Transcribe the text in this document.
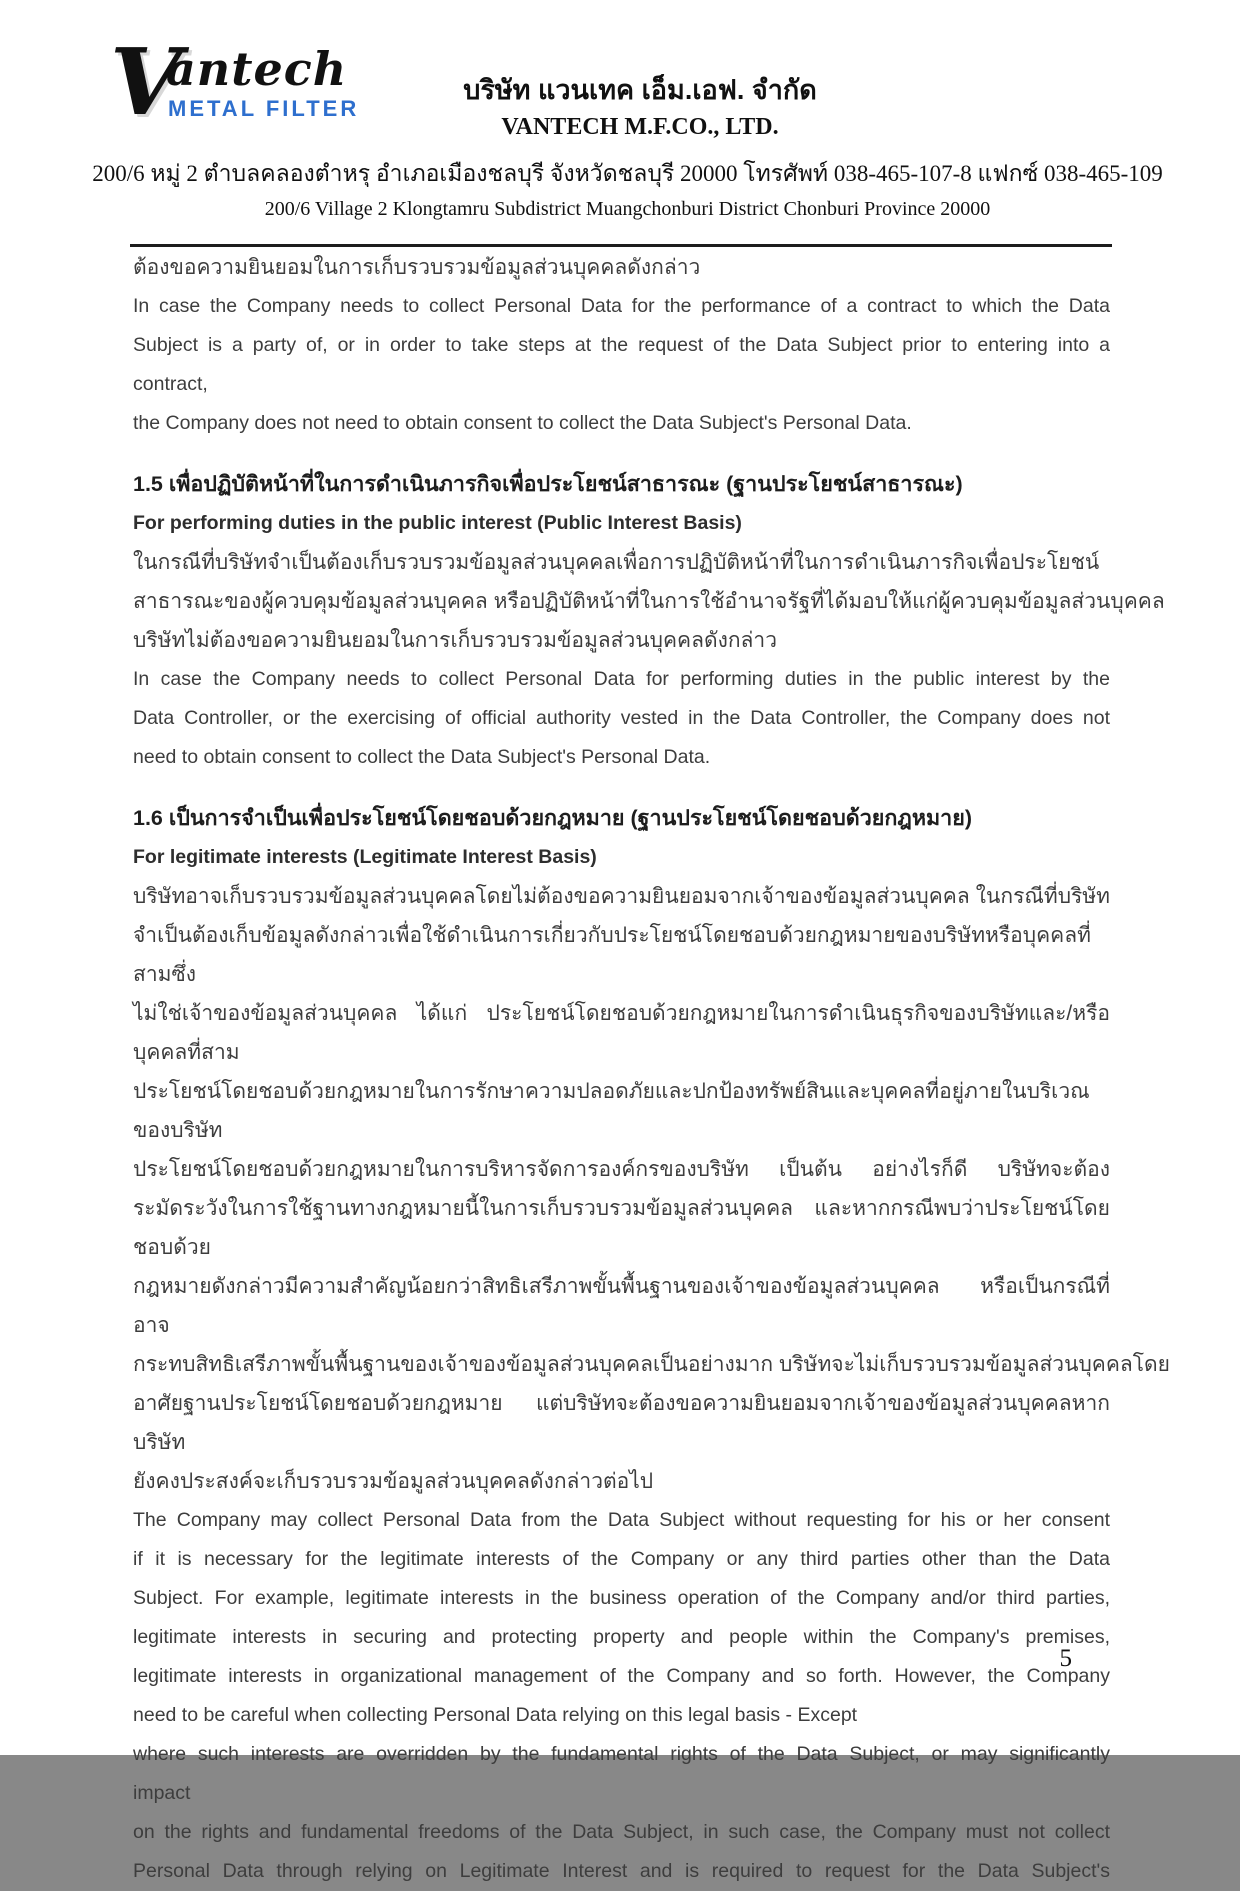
V
antech
METAL FILTER
บริษัท แวนเทค เอ็ม.เอฟ. จำกัด
VANTECH M.F.CO., LTD.
200/6 หมู่ 2 ตำบลคลองตำหรุ อำเภอเมืองชลบุรี จังหวัดชลบุรี 20000 โทรศัพท์ 038-465-107-8 แฟกซ์ 038-465-109
200/6 Village 2 Klongtamru Subdistrict Muangchonburi District Chonburi Province 20000
ต้องขอความยินยอมในการเก็บรวบรวมข้อมูลส่วนบุคคลดังกล่าว
In case the Company needs to collect Personal Data for the performance of a contract to which the Data
Subject is a party of, or in order to take steps at the request of the Data Subject prior to entering into a
contract,
the Company does not need to obtain consent to collect the Data Subject's Personal Data.
1.5 เพื่อปฏิบัติหน้าที่ในการดำเนินภารกิจเพื่อประโยชน์สาธารณะ (ฐานประโยชน์สาธารณะ)
For performing duties in the public interest (Public Interest Basis)
ในกรณีที่บริษัทจำเป็นต้องเก็บรวบรวมข้อมูลส่วนบุคคลเพื่อการปฏิบัติหน้าที่ในการดำเนินภารกิจเพื่อประโยชน์
สาธารณะของผู้ควบคุมข้อมูลส่วนบุคคล หรือปฏิบัติหน้าที่ในการใช้อำนาจรัฐที่ได้มอบให้แก่ผู้ควบคุมข้อมูลส่วนบุคคล
บริษัทไม่ต้องขอความยินยอมในการเก็บรวบรวมข้อมูลส่วนบุคคลดังกล่าว
In case the Company needs to collect Personal Data for performing duties in the public interest by the
Data Controller, or the exercising of official authority vested in the Data Controller, the Company does not
need to obtain consent to collect the Data Subject's Personal Data.
1.6 เป็นการจำเป็นเพื่อประโยชน์โดยชอบด้วยกฎหมาย (ฐานประโยชน์โดยชอบด้วยกฎหมาย)
For legitimate interests (Legitimate Interest Basis)
บริษัทอาจเก็บรวบรวมข้อมูลส่วนบุคคลโดยไม่ต้องขอความยินยอมจากเจ้าของข้อมูลส่วนบุคคล ในกรณีที่บริษัท
จำเป็นต้องเก็บข้อมูลดังกล่าวเพื่อใช้ดำเนินการเกี่ยวกับประโยชน์โดยชอบด้วยกฎหมายของบริษัทหรือบุคคลที่สามซึ่ง
ไม่ใช่เจ้าของข้อมูลส่วนบุคคล ได้แก่ ประโยชน์โดยชอบด้วยกฎหมายในการดำเนินธุรกิจของบริษัทและ/หรือบุคคลที่สาม
ประโยชน์โดยชอบด้วยกฎหมายในการรักษาความปลอดภัยและปกป้องทรัพย์สินและบุคคลที่อยู่ภายในบริเวณ ของบริษัท
ประโยชน์โดยชอบด้วยกฎหมายในการบริหารจัดการองค์กรของบริษัท เป็นต้น อย่างไรก็ดี บริษัทจะต้อง
ระมัดระวังในการใช้ฐานทางกฎหมายนี้ในการเก็บรวบรวมข้อมูลส่วนบุคคล และหากกรณีพบว่าประโยชน์โดยชอบด้วย
กฎหมายดังกล่าวมีความสำคัญน้อยกว่าสิทธิเสรีภาพขั้นพื้นฐานของเจ้าของข้อมูลส่วนบุคคล หรือเป็นกรณีที่อาจ
กระทบสิทธิเสรีภาพขั้นพื้นฐานของเจ้าของข้อมูลส่วนบุคคลเป็นอย่างมาก บริษัทจะไม่เก็บรวบรวมข้อมูลส่วนบุคคลโดย
อาศัยฐานประโยชน์โดยชอบด้วยกฎหมาย แต่บริษัทจะต้องขอความยินยอมจากเจ้าของข้อมูลส่วนบุคคลหากบริษัท
ยังคงประสงค์จะเก็บรวบรวมข้อมูลส่วนบุคคลดังกล่าวต่อไป
The Company may collect Personal Data from the Data Subject without requesting for his or her consent
if it is necessary for the legitimate interests of the Company or any third parties other than the Data
Subject. For example, legitimate interests in the business operation of the Company and/or third parties,
legitimate interests in securing and protecting property and people within the Company's premises,
legitimate interests in organizational management of the Company and so forth. However, the Company
need to be careful when collecting Personal Data relying on this legal basis - Except
where such interests are overridden by the fundamental rights of the Data Subject, or may significantly
impact
on the rights and fundamental freedoms of the Data Subject, in such case, the Company must not collect
Personal Data through relying on Legitimate Interest and is required to request for the Data Subject's
5
